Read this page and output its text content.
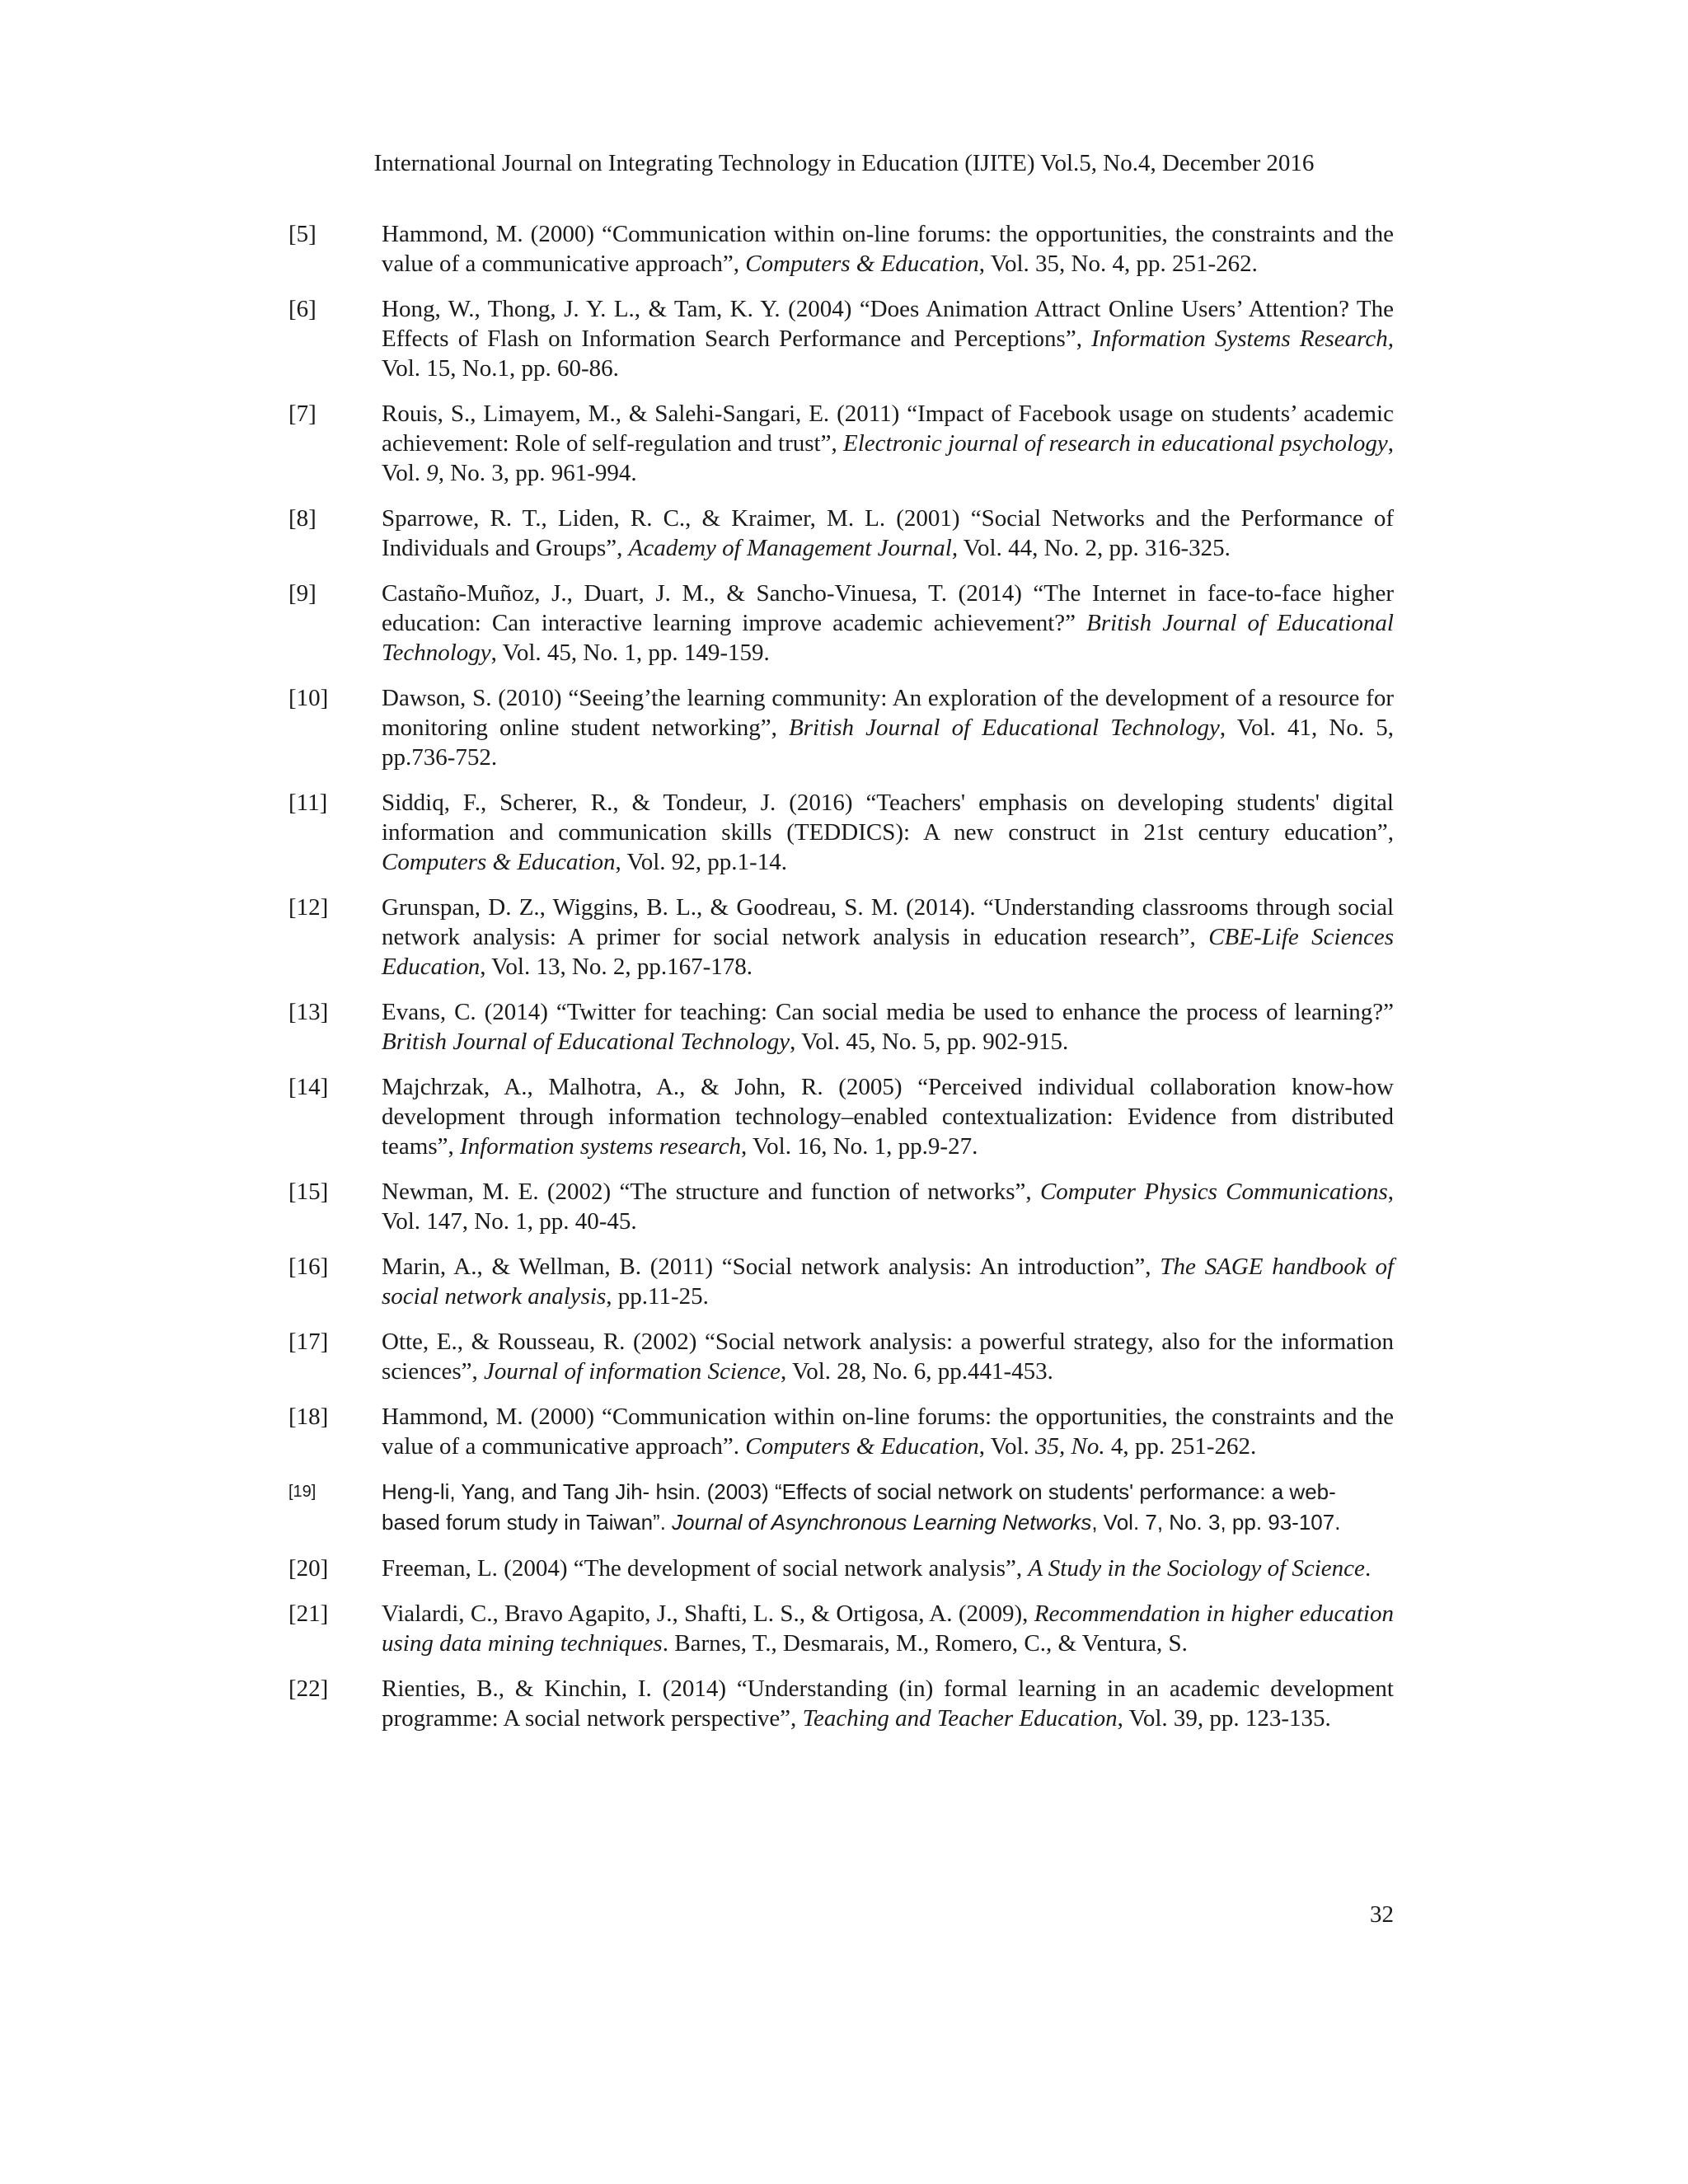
International Journal on Integrating Technology in Education (IJITE) Vol.5, No.4, December 2016
[5]	Hammond, M. (2000) “Communication within on-line forums: the opportunities, the constraints and the value of a communicative approach”, Computers & Education, Vol. 35, No. 4, pp. 251-262.
[6]	Hong, W., Thong, J. Y. L., & Tam, K. Y. (2004) “Does Animation Attract Online Users’ Attention? The Effects of Flash on Information Search Performance and Perceptions”, Information Systems Research, Vol. 15, No.1, pp. 60-86.
[7]	Rouis, S., Limayem, M., & Salehi-Sangari, E. (2011) “Impact of Facebook usage on students’ academic achievement: Role of self-regulation and trust”, Electronic journal of research in educational psychology, Vol. 9, No. 3, pp. 961-994.
[8]	Sparrowe, R. T., Liden, R. C., & Kraimer, M. L. (2001) “Social Networks and the Performance of Individuals and Groups”, Academy of Management Journal, Vol. 44, No. 2, pp. 316-325.
[9]	Castaño-Muñoz, J., Duart, J. M., & Sancho-Vinuesa, T. (2014) “The Internet in face-to-face higher education: Can interactive learning improve academic achievement?” British Journal of Educational Technology, Vol. 45, No. 1, pp. 149-159.
[10] Dawson, S. (2010) “Seeing’the learning community: An exploration of the development of a resource for monitoring online student networking”, British Journal of Educational Technology, Vol. 41, No. 5, pp.736-752.
[11] Siddiq, F., Scherer, R., & Tondeur, J. (2016) “Teachers' emphasis on developing students' digital information and communication skills (TEDDICS): A new construct in 21st century education”, Computers & Education, Vol. 92, pp.1-14.
[12] Grunspan, D. Z., Wiggins, B. L., & Goodreau, S. M. (2014). “Understanding classrooms through social network analysis: A primer for social network analysis in education research”, CBE-Life Sciences Education, Vol. 13, No. 2, pp.167-178.
[13] Evans, C. (2014) “Twitter for teaching: Can social media be used to enhance the process of learning?” British Journal of Educational Technology, Vol. 45, No. 5, pp. 902-915.
[14] Majchrzak, A., Malhotra, A., & John, R. (2005) “Perceived individual collaboration know-how development through information technology–enabled contextualization: Evidence from distributed teams”, Information systems research, Vol. 16, No. 1, pp.9-27.
[15] Newman, M. E. (2002) “The structure and function of networks”, Computer Physics Communications, Vol. 147, No. 1, pp. 40-45.
[16] Marin, A., & Wellman, B. (2011) “Social network analysis: An introduction”, The SAGE handbook of social network analysis, pp.11-25.
[17] Otte, E., & Rousseau, R. (2002) “Social network analysis: a powerful strategy, also for the information sciences”, Journal of information Science, Vol. 28, No. 6, pp.441-453.
[18] Hammond, M. (2000) “Communication within on-line forums: the opportunities, the constraints and the value of a communicative approach”. Computers & Education, Vol. 35, No. 4, pp. 251-262.
[19]	Heng-li, Yang, and Tang Jih- hsin. (2003) “Effects of social network on students' performance: a web-based forum study in Taiwan”. Journal of Asynchronous Learning Networks, Vol. 7, No. 3, pp. 93-107.
[20] Freeman, L. (2004) “The development of social network analysis”, A Study in the Sociology of Science.
[21] Vialardi, C., Bravo Agapito, J., Shafti, L. S., & Ortigosa, A. (2009), Recommendation in higher education using data mining techniques. Barnes, T., Desmarais, M., Romero, C., & Ventura, S.
[22] Rienties, B., & Kinchin, I. (2014) “Understanding (in) formal learning in an academic development programme: A social network perspective”, Teaching and Teacher Education, Vol. 39, pp. 123-135.
32
